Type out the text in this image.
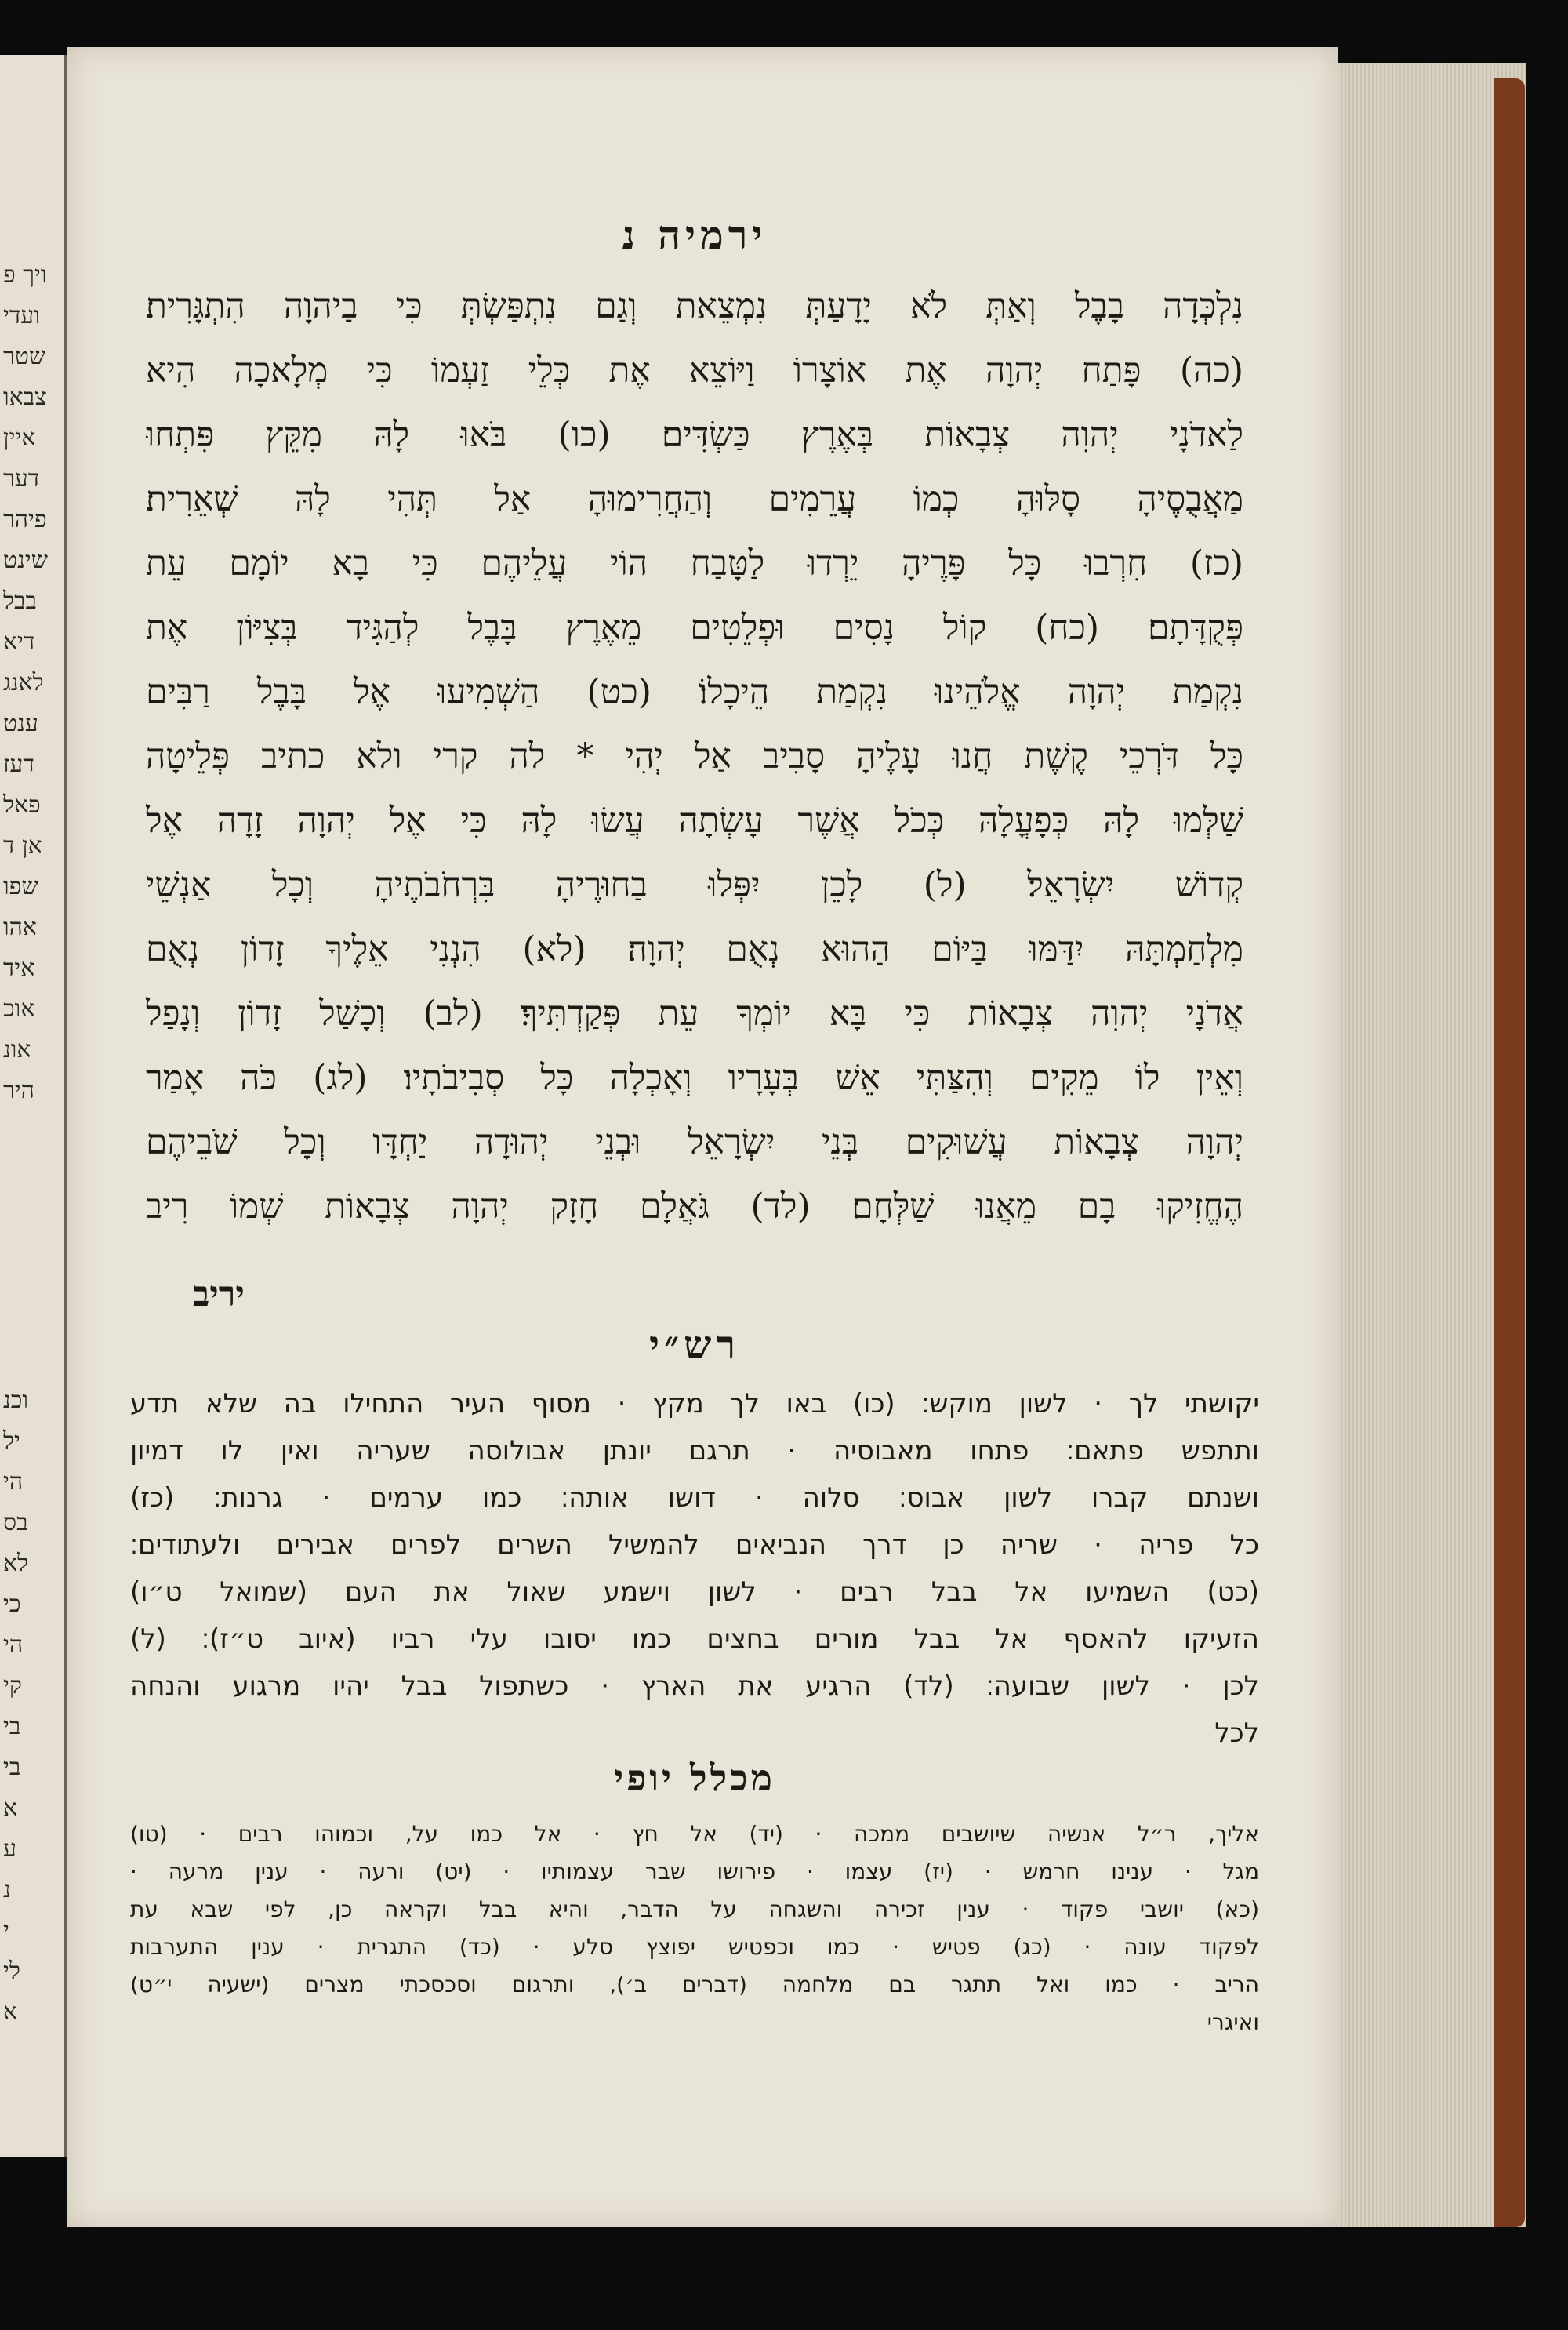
ויך פ
ועדי
שטר
צבאו
איין
דער
פיהר
שינט
בבל
דיא
לאנג
ענט
דעז
פאל
אן ד
שפו
אהו
איד
אוכ
אונ
היר
וכנ
יל
הי
בס
לא
כי
הי
קי
בי
בי
א
ע
נ
י
לי
א
ירמיה נ
נִלְכְּדָה בָבֶל וְאַתְּ לֹא יָדָעַתְּ נִמְצֵאת וְגַם נִתְפַּשְׂתְּ כִּי בַיהוָה הִתְגָּרִית׃
(כה) פָּתַח יְהוָה אֶת אוֹצָרוֹ וַיּוֹצֵא אֶת כְּלֵי זַעְמוֹ כִּי מְלָאכָה הִיא
לַאדֹנָי יְהוִה צְבָאוֹת בְּאֶרֶץ כַּשְׂדִּים׃ (כו) בֹּאוּ לָהּ מִקֵּץ פִּתְחוּ
מַאֲבֻסֶיהָ סָלּוּהָ כְמוֹ עֲרֵמִים וְהַחֲרִימוּהָ אַל תְּהִי לָהּ שְׁאֵרִית׃
(כז) חִרְבוּ כָּל פָּרֶיהָ יֵרְדוּ לַטָּבַח הוֹי עֲלֵיהֶם כִּי בָא יוֹמָם עֵת
פְּקֻדָּתָם׃ (כח) קוֹל נָסִים וּפְלֵטִים מֵאֶרֶץ בָּבֶל לְהַגִּיד בְּצִיּוֹן אֶת
נִקְמַת יְהוָה אֱלֹהֵינוּ נִקְמַת הֵיכָלוֹ׃ (כט) הַשְׁמִיעוּ אֶל בָּבֶל רַבִּים
כָּל דֹּרְכֵי קֶשֶׁת חֲנוּ עָלֶיהָ סָבִיב אַל יְהִי * לה קרי ולא כתיב פְּלֵיטָה
שַׁלְּמוּ לָהּ כְּפָעֳלָהּ כְּכֹל אֲשֶׁר עָשְׂתָה עֲשׂוּ לָהּ כִּי אֶל יְהוָה זָדָה אֶל
קְדוֹשׁ יִשְׂרָאֵל׃ (ל) לָכֵן יִפְּלוּ בַחוּרֶיהָ בִּרְחֹבֹתֶיהָ וְכָל אַנְשֵׁי
מִלְחַמְתָּהּ יִדַּמּוּ בַּיּוֹם הַהוּא נְאֻם יְהוָה׃ (לא) הִנְנִי אֵלֶיךָ זָדוֹן נְאֻם
אֲדֹנָי יְהוִה צְבָאוֹת כִּי בָּא יוֹמְךָ עֵת פְּקַדְתִּיךָ׃ (לב) וְכָשַׁל זָדוֹן וְנָפַל
וְאֵין לוֹ מֵקִים וְהִצַּתִּי אֵשׁ בְּעָרָיו וְאָכְלָה כָּל סְבִיבֹתָיו׃ (לג) כֹּה אָמַר
יְהוָה צְבָאוֹת עֲשׁוּקִים בְּנֵי יִשְׂרָאֵל וּבְנֵי יְהוּדָה יַחְדָּו וְכָל שֹׁבֵיהֶם
הֶחֱזִיקוּ בָם מֵאֲנוּ שַׁלְּחָם׃ (לד) גֹּאֲלָם חָזָק יְהוָה צְבָאוֹת שְׁמוֹ רִיב
יריב
רש״י
יקושתי לך · לשון מוקש׃ (כו) באו לך מקץ · מסוף העיר התחילו בה שלא תדע
ותתפש פתאם׃ פתחו מאבוסיה · תרגם יונתן אבולוסה שעריה ואין לו דמיון
ושנתם קברו לשון אבוס׃ סלוה · דושו אותה׃ כמו ערמים · גרנות׃ (כז)
כל פריה · שריה כן דרך הנביאים להמשיל השרים לפרים אבירים ולעתודים׃
(כט) השמיעו אל בבל רבים · לשון וישמע שאול את העם (שמואל ט״ו)
הזעיקו להאסף אל בבל מורים בחצים כמו יסובו עלי רביו (איוב ט״ז)׃ (ל)
לכן · לשון שבועה׃ (לד) הרגיע את הארץ · כשתפול בבל יהיו מרגוע והנחה
לכל
מכלל יופי
אליך, ר״ל אנשיה שיושבים ממכה · (יד) אל חץ · אל כמו על, וכמוהו רבים · (טו)
מגל · ענינו חרמש · (יז) עצמו · פירושו שבר עצמותיו · (יט) ורעה · ענין מרעה ·
(כא) יושבי פקוד · ענין זכירה והשגחה על הדבר, והיא בבל וקראה כן, לפי שבא עת
לפקוד עונה · (כג) פטיש · כמו וכפטיש יפוצץ סלע · (כד) התגרית · ענין התערבות
הריב · כמו ואל תתגר בם מלחמה (דברים ב׳), ותרגום וסכסכתי מצרים (ישעיה י״ט)
ואיגרי
